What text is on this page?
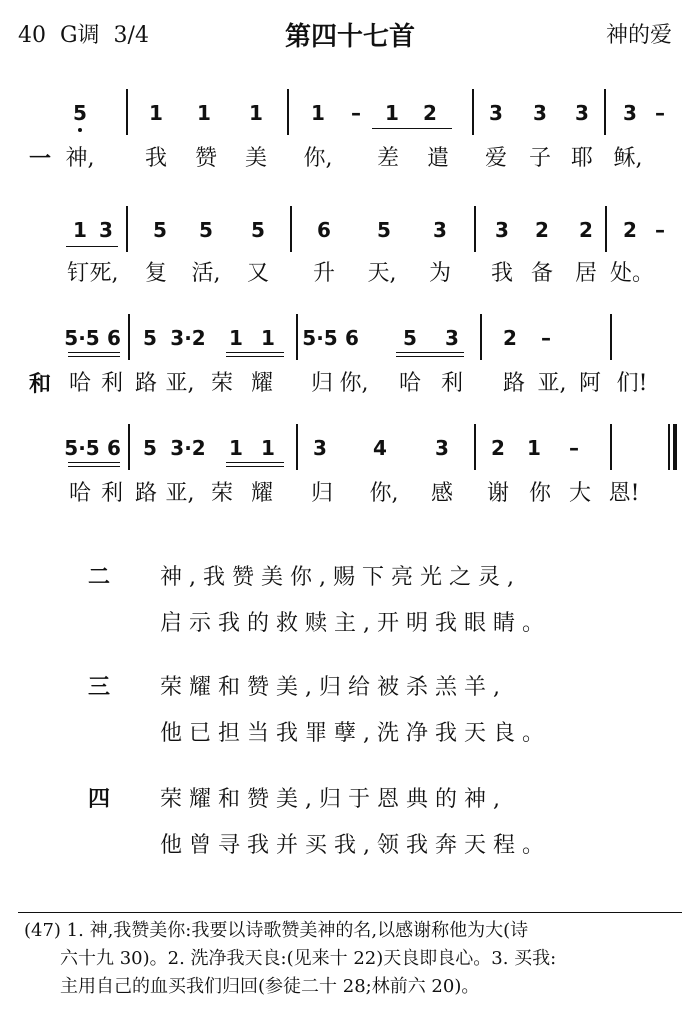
40  G调  3/4	第四十七首	神的爱
5	1 1 1 1 – 1 2	3 3 3 3 –
一 神, 我 赞 美 你, 差 遣 爱 子 耶 稣,
1 3 5 5 5	6 5 3 3 2 2 2 –
钉 死, 复 活, 又 升 天, 为 我 备 居 处。
5·5 6 5 3·2 1 1 5·5 6 5 3 2 –
和 哈 利 路 亚, 荣 耀 归 你, 哈 利 路 亚, 阿 们!
5·5 6 5 3·2 1 1 3 4 3 2 1 –
哈 利 路 亚, 荣 耀 归 你, 感 谢 你 大 恩!
二 神,我赞美你,赐下亮光之灵,
启示我的救赎主,开明我眼睛。
三 荣耀和赞美,归给被杀羔羊,
他已担当我罪孽,洗净我天良。
四 荣耀和赞美,归于恩典的神,
他曾寻我并买我,领我奔天程。
(47) 1. 神,我赞美你:我要以诗歌赞美神的名,以感谢称他为大(诗
六十九 30)。2. 洗净我天良:(见来十 22)天良即良心。3. 买我:
主用自己的血买我们归回(参徒二十 28;林前六 20)。
